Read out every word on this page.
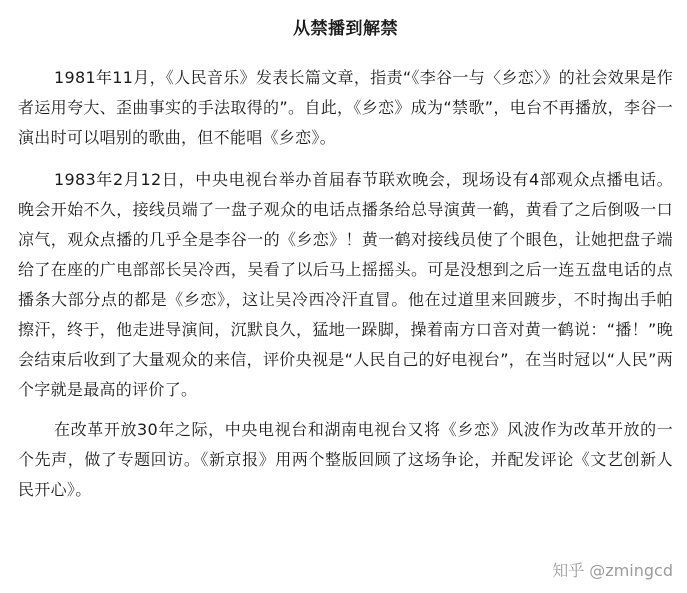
从禁播到解禁

1981年11月，《人民音乐》发表长篇文章，指责“《李谷一与〈乡恋〉》的社会效果是作者运用夸大、歪曲事实的手法取得的”。自此，《乡恋》成为“禁歌”，电台不再播放，李谷一演出时可以唱别的歌曲，但不能唱《乡恋》。

1983年2月12日，中央电视台举办首届春节联欢晚会，现场设有4部观众点播电话。晚会开始不久，接线员端了一盘子观众的电话点播条给总导演黄一鹤，黄看了之后倒吸一口凉气，观众点播的几乎全是李谷一的《乡恋》！黄一鹤对接线员使了个眼色，让她把盘子端给了在座的广电部部长吴冷西，吴看了以后马上摇摇头。可是没想到之后一连五盘电话的点播条大部分点的都是《乡恋》，这让吴冷西冷汗直冒。他在过道里来回踱步，不时掏出手帕擦汗，终于，他走进导演间，沉默良久，猛地一跺脚，操着南方口音对黄一鹤说：“播！”晚会结束后收到了大量观众的来信，评价央视是“人民自己的好电视台”，在当时冠以“人民”两个字就是最高的评价了。

在改革开放30年之际，中央电视台和湖南电视台又将《乡恋》风波作为改革开放的一个先声，做了专题回访。《新京报》用两个整版回顾了这场争论，并配发评论《文艺创新人民开心》。

知乎 @zmingcd
